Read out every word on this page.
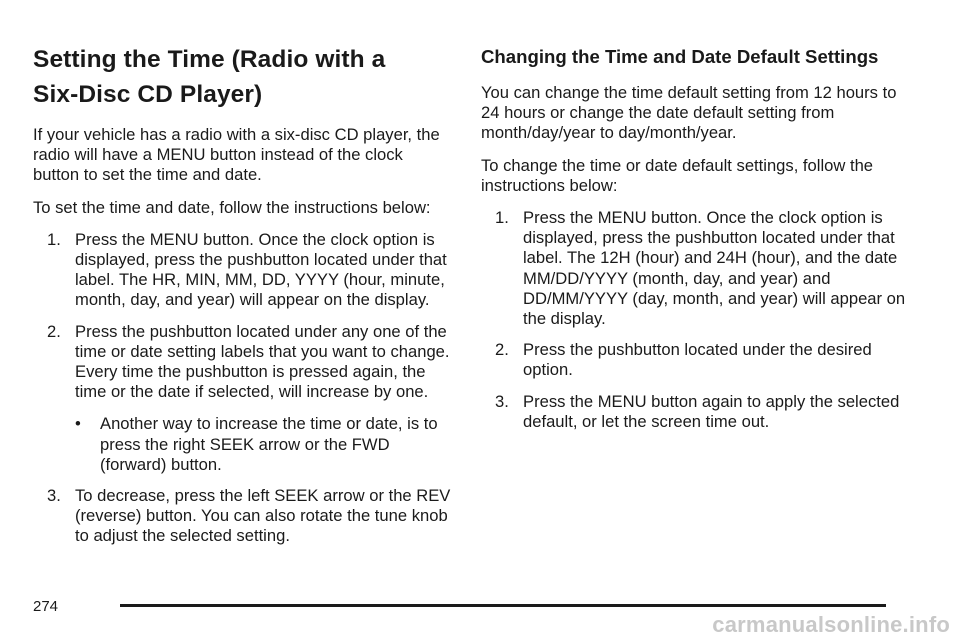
Setting the Time (Radio with a
Six-Disc CD Player)

If your vehicle has a radio with a six-disc CD player, the radio will have a MENU button instead of the clock button to set the time and date.

To set the time and date, follow the instructions below:

1. Press the MENU button. Once the clock option is displayed, press the pushbutton located under that label. The HR, MIN, MM, DD, YYYY (hour, minute, month, day, and year) will appear on the display.
2. Press the pushbutton located under any one of the time or date setting labels that you want to change. Every time the pushbutton is pressed again, the time or the date if selected, will increase by one.
• Another way to increase the time or date, is to press the right SEEK arrow or the FWD (forward) button.
3. To decrease, press the left SEEK arrow or the REV (reverse) button. You can also rotate the tune knob to adjust the selected setting.
Changing the Time and Date Default Settings

You can change the time default setting from 12 hours to 24 hours or change the date default setting from month/day/year to day/month/year.

To change the time or date default settings, follow the instructions below:

1. Press the MENU button. Once the clock option is displayed, press the pushbutton located under that label. The 12H (hour) and 24H (hour), and the date MM/DD/YYYY (month, day, and year) and DD/MM/YYYY (day, month, and year) will appear on the display.
2. Press the pushbutton located under the desired option.
3. Press the MENU button again to apply the selected default, or let the screen time out.
274
carmanualsonline.info
